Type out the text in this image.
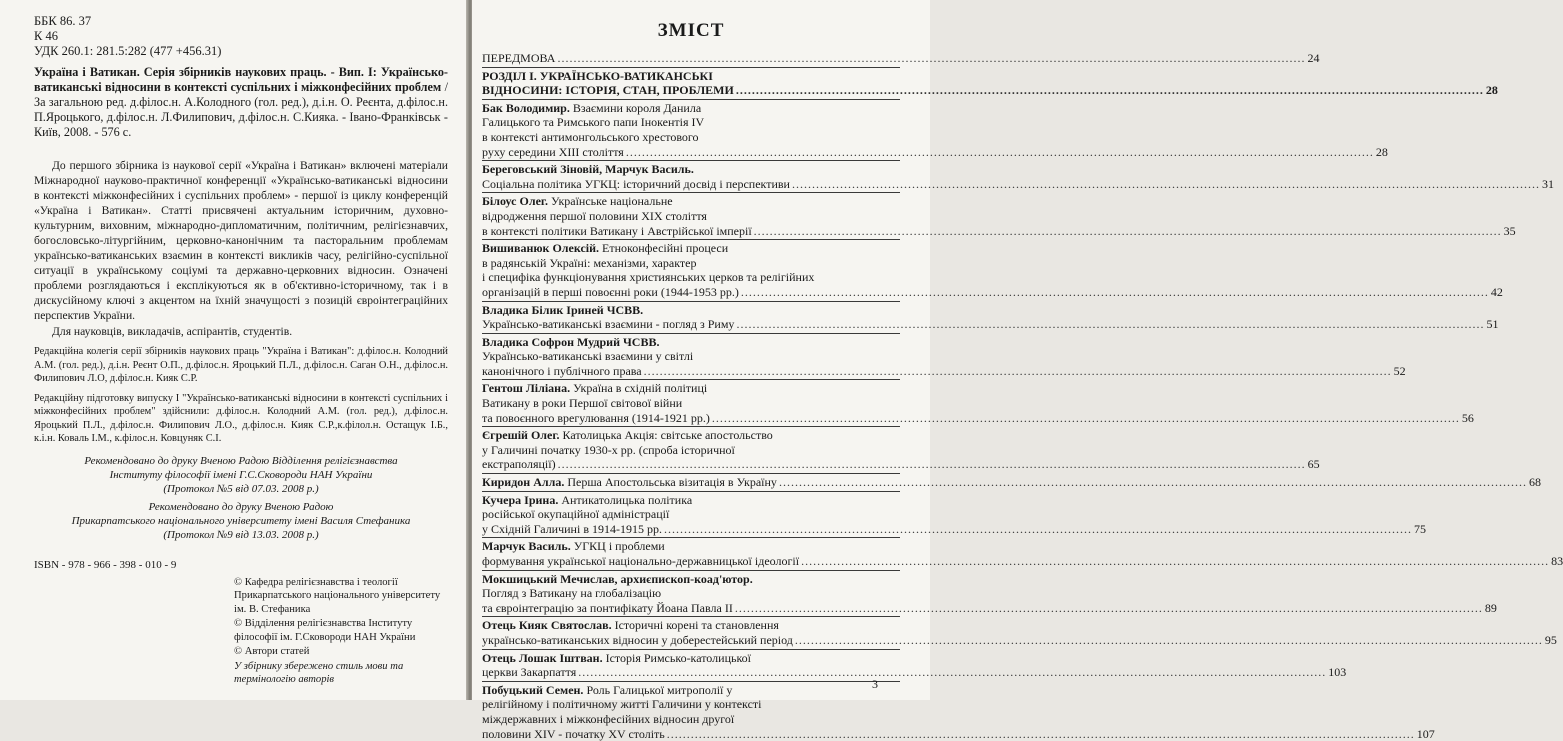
ББК 86. 37
К 46
УДК 260.1: 281.5:282 (477 +456.31)
Україна і Ватикан. Серія збірників наукових праць. - Вип. І: Українсько-ватиканські відносини в контексті суспільних і міжконфесійних проблем / За загальною ред. д.філос.н. А.Колодного (гол. ред.), д.і.н. О. Реєнта, д.філос.н. П.Яроцького, д.філос.н. Л.Филипович, д.філос.н. С.Кияка. - Івано-Франківськ - Київ, 2008. - 576 с.
До першого збірника із наукової серії «Україна і Ватикан» включені матеріали Міжнародної науково-практичної конференції «Українсько-ватиканські відносини в контексті міжконфесійних і суспільних проблем» - першої із циклу конференцій «Україна і Ватикан». Статті присвячені актуальним історичним, духовно-культурним, виховним, міжнародно-дипломатичним, політичним, релігієзнавчих, богословсько-літургійним, церковно-канонічним та пасторальним проблемам українсько-ватиканських взаємин в контексті викликів часу, релігійно-суспільної ситуації в українському соціумі та державно-церковних відносин. Означені проблеми розглядаються і експлікуються як в об'єктивно-історичному, так і в дискусійному ключі з акцентом на їхній значущості з позицій євроінтеграційних перспектив України.
Для науковців, викладачів, аспірантів, студентів.
Редакційна колегія серії збірників наукових праць "Україна і Ватикан": д.філос.н. Колодний А.М. (гол. ред.), д.і.н. Реєнт О.П., д.філос.н. Яроцький П.Л., д.філос.н. Саган О.Н., д.філос.н. Филипович Л.О, д.філос.н. Кияк С.Р.
Редакційну підготовку випуску І "Українсько-ватиканські відносини в контексті суспільних і міжконфесійних проблем" здійснили: д.філос.н. Колодний А.М. (гол. ред.), д.філос.н. Яроцький П.Л., д.філос.н. Филипович Л.О., д.філос.н. Кияк С.Р.,к.філол.н. Остащук І.Б., к.і.н. Коваль І.М., к.філос.н. Ковцуняк С.І.
Рекомендовано до друку Вченою Радою Відділення релігієзнавства
Інституту філософії імені Г.С.Сковороди НАН України
(Протокол №5 від 07.03. 2008 р.)
Рекомендовано до друку Вченою Радою
Прикарпатського національного університету імені Василя Стефаника
(Протокол №9 від 13.03. 2008 р.)
ISBN - 978 - 966 - 398 - 010 - 9
© Кафедра релігієзнавства і теології Прикарпатського національного університету ім. В. Стефаника
© Відділення релігієзнавства Інституту філософії ім. Г.Сковороди НАН України
© Автори статей
У збірнику збережено стиль мови та термінологію авторів
ЗМІСТ
ПЕРЕДМОВА .....	24
РОЗДІЛ І. УКРАЇНСЬКО-ВАТИКАНСЬКІ
ВІДНОСИНИ: ІСТОРІЯ, СТАН, ПРОБЛЕМИ .....	28
Бак Володимир. Взаємини короля Данила
Галицького та Римського папи Інокентія IV
в контексті антимонгольського хрестового
руху середини XIII століття .....	28
Береговський Зіновій, Марчук Василь.
Соціальна політика УГКЦ: історичний досвід і перспективи .....	31
Білоус Олег. Українське національне
відродження першої половини XIX століття
в контексті політики Ватикану і Австрійської імперії .....	35
Вишиванюк Олексій. Етноконфесійні процеси
в радянській Україні: механізми, характер
і специфіка функціонування християнських церков та релігійних
організацій в перші повоєнні роки (1944-1953 рр.) .....	42
Владика Білик Іриней ЧСВВ.
Українсько-ватиканські взаємини - погляд з Риму .....	51
Владика Софрон Мудрий ЧСВВ.
Українсько-ватиканські взаємини у світлі
канонічного і публічного права .....	52
Гентош Ліліана. Україна в східній політиці
Ватикану в роки Першої світової війни
та повоєнного врегулювання (1914-1921 рр.) .....	56
Єгрешій Олег. Католицька Акція: світське апостольство
у Галичині початку 1930-х рр. (спроба історичної
екстраполяції) .....	65
Киридон Алла. Перша Апостольська візитація в Україну .....	68
Кучера Ірина. Антикатолицька політика
російської окупаційної адміністрації
у Східній Галичині в 1914-1915 рр. .....	75
Марчук Василь. УГКЦ і проблеми
формування української національно-державницької ідеології .....	83
Мокшицький Мечислав, архиєпископ-коад'ютор.
Погляд з Ватикану на глобалізацію
та євроінтеграцію за понтифікату Йоана Павла ІІ .....	89
Отець Кияк Святослав. Історичні корені та становлення
українсько-ватиканських відносин у добереcтейський період .....	95
Отець Лошак Іштван. Історія Римсько-католицької
церкви Закарпаття .....	103
Побуцький Семен. Роль Галицької митрополії у
релігійному і політичному житті Галичини у контексті
міждержавних і міжконфесійних відносин другої
половини XIV - початку XV століть .....	107
3
